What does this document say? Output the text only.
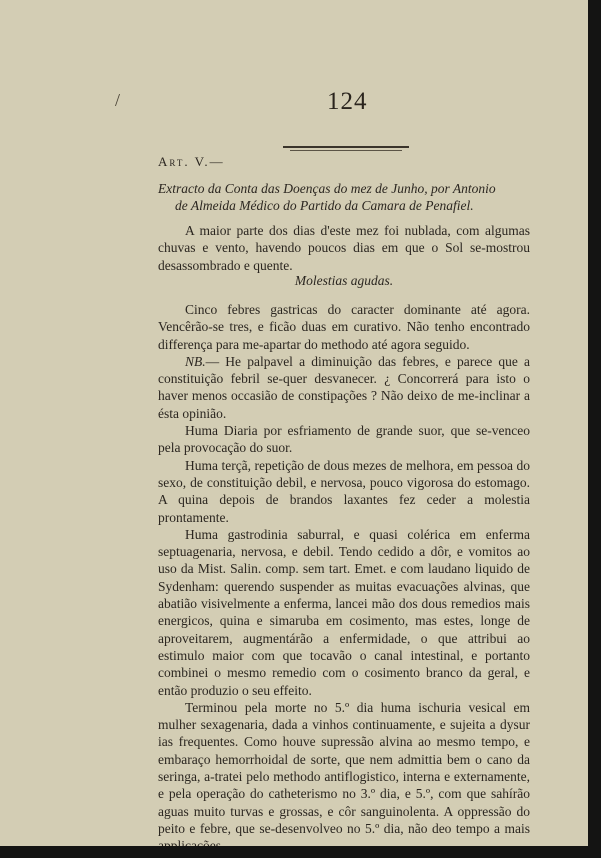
/	124
Art. V.—
Extracto da Conta das Doenças do mez de Junho, por Antonio
de Almeida Médico do Partido da Camara de Penafiel.

A maior parte dos dias d'este mez foi nublada, com algumas chuvas e vento, havendo poucos dias em que o Sol se-mostrou desassombrado e quente.

Molestias agudas.

Cinco febres gastricas do caracter dominante até agora. Vencêrão-se tres, e ficão duas em curativo. Não tenho encontrado differença para me-apartar do methodo até agora seguido.

NB.— He palpavel a diminuição das febres, e parece que a constituição febril se-quer desvanecer. ¿ Concorrerá para isto o haver menos occasião de constipações ? Não deixo de me-inclinar a ésta opinião.

Huma Diaria por esfriamento de grande suor, que se-venceo pela provocação do suor.

Huma terçã, repetição de dous mezes de melhora, em pessoa do sexo, de constituição debil, e nervosa, pouco vigorosa do estomago. A quina depois de brandos laxantes fez ceder a molestia prontamente.

Huma gastrodinia saburral, e quasi colérica em enferma septuagenaria, nervosa, e debil. Tendo cedido a dôr, e vomitos ao uso da Mist. Salin. comp. sem tart. Emet. e com laudano liquido de Sydenham: querendo suspender as muitas evacuações alvinas, que abatião visivelmente a enferma, lancei mão dos dous remedios mais energicos, quina e simaruba em cosimento, mas estes, longe de aproveitarem, augmentárão a enfermidade, o que attribui ao estimulo maior com que tocavão o canal intestinal, e portanto combinei o mesmo remedio com o cosimento branco da geral, e então produzio o seu effeito.

Terminou pela morte no 5.º dia huma ischuria vesical em mulher sexagenaria, dada a vinhos continuamente, e sujeita a dysur ias frequentes. Como houve supressão alvina ao mesmo tempo, e embaraço hemorrhoidal de sorte, que nem admittia bem o cano da seringa, a-tratei pelo methodo antiflogistico, interna e externamente, e pela operação do catheterismo no 3.º dia, e 5.º, com que sahírão aguas muito turvas e grossas, e côr sanguinolenta. A oppressão do peito e febre, que se-desenvolveo no 5.º dia, não deo tempo a mais
